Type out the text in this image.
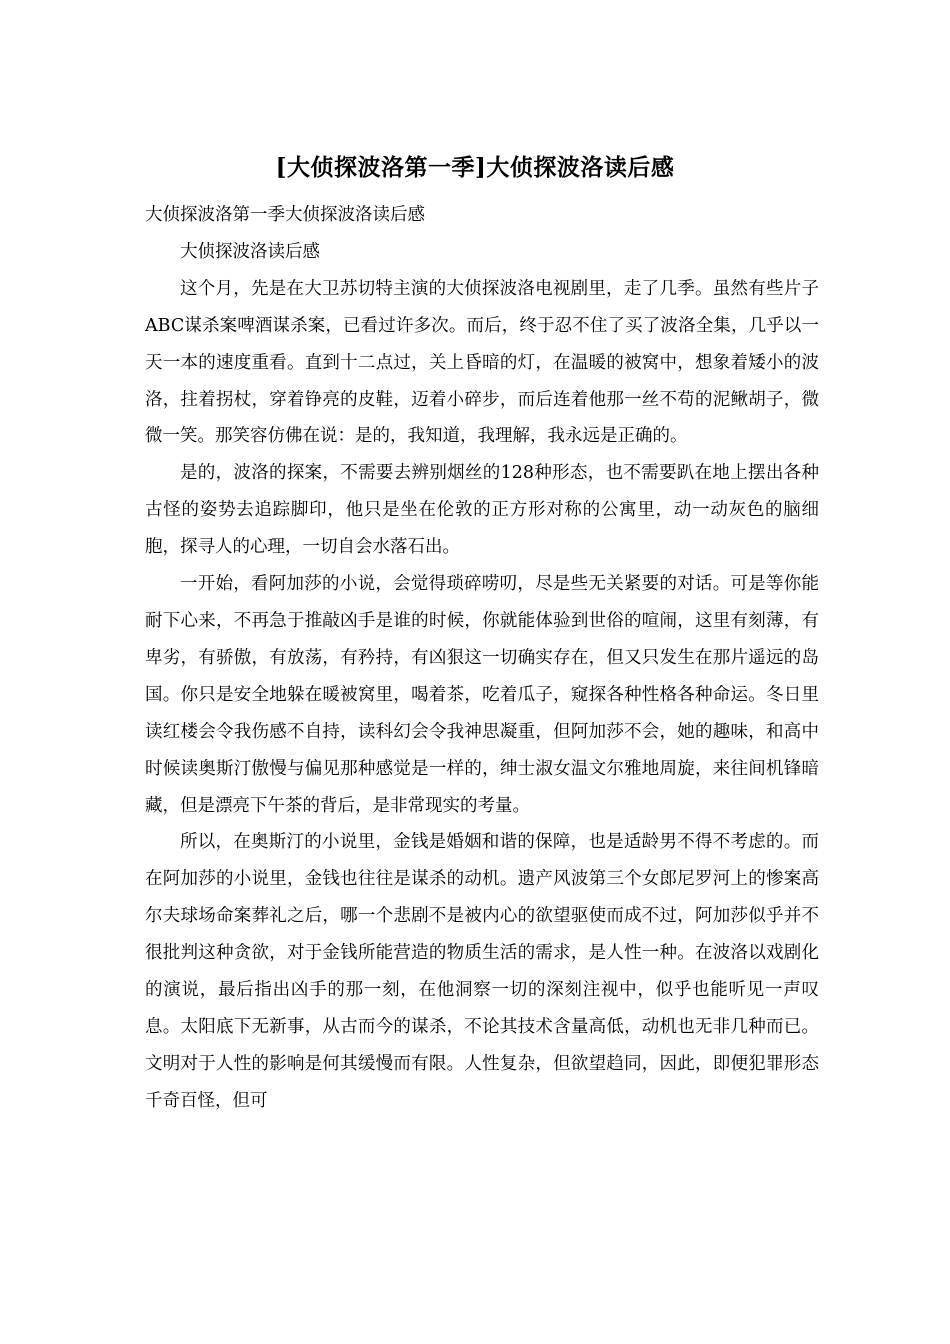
[大侦探波洛第一季]大侦探波洛读后感

大侦探波洛第一季大侦探波洛读后感

大侦探波洛读后感

这个月，先是在大卫苏切特主演的大侦探波洛电视剧里，走了几季。虽然有些片子ABC谋杀案啤酒谋杀案，已看过许多次。而后，终于忍不住了买了波洛全集，几乎以一天一本的速度重看。直到十二点过，关上昏暗的灯，在温暖的被窝中，想象着矮小的波洛，拄着拐杖，穿着铮亮的皮鞋，迈着小碎步，而后连着他那一丝不苟的泥鳅胡子，微微一笑。那笑容仿佛在说：是的，我知道，我理解，我永远是正确的。

是的，波洛的探案，不需要去辨别烟丝的128种形态，也不需要趴在地上摆出各种古怪的姿势去追踪脚印，他只是坐在伦敦的正方形对称的公寓里，动一动灰色的脑细胞，探寻人的心理，一切自会水落石出。

一开始，看阿加莎的小说，会觉得琐碎唠叨，尽是些无关紧要的对话。可是等你能耐下心来，不再急于推敲凶手是谁的时候，你就能体验到世俗的喧闹，这里有刻薄，有卑劣，有骄傲，有放荡，有矜持，有凶狠这一切确实存在，但又只发生在那片遥远的岛国。你只是安全地躲在暖被窝里，喝着茶，吃着瓜子，窥探各种性格各种命运。冬日里读红楼会令我伤感不自持，读科幻会令我神思凝重，但阿加莎不会，她的趣味，和高中时候读奥斯汀傲慢与偏见那种感觉是一样的，绅士淑女温文尔雅地周旋，来往间机锋暗藏，但是漂亮下午茶的背后，是非常现实的考量。

所以，在奥斯汀的小说里，金钱是婚姻和谐的保障，也是适龄男不得不考虑的。而在阿加莎的小说里，金钱也往往是谋杀的动机。遗产风波第三个女郎尼罗河上的惨案高尔夫球场命案葬礼之后，哪一个悲剧不是被内心的欲望驱使而成不过，阿加莎似乎并不很批判这种贪欲，对于金钱所能营造的物质生活的需求，是人性一种。在波洛以戏剧化的演说，最后指出凶手的那一刻，在他洞察一切的深刻注视中，似乎也能听见一声叹息。太阳底下无新事，从古而今的谋杀，不论其技术含量高低，动机也无非几种而已。文明对于人性的影响是何其缓慢而有限。人性复杂，但欲望趋同，因此，即便犯罪形态千奇百怪，但可
